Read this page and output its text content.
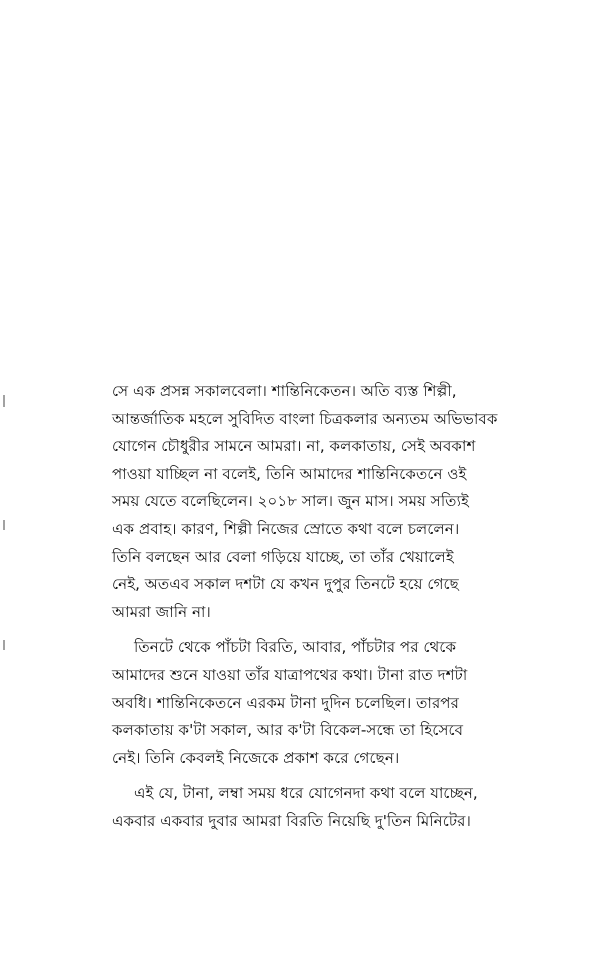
সে এক প্রসন্ন সকালবেলা। শান্তিনিকেতন। অতি ব্যস্ত শিল্পী,
আন্তর্জাতিক মহলে সুবিদিত বাংলা চিত্রকলার অন্যতম অভিভাবক
যোগেন চৌধুরীর সামনে আমরা। না, কলকাতায়, সেই অবকাশ
পাওয়া যাচ্ছিল না বলেই, তিনি আমাদের শান্তিনিকেতনে ওই
সময় যেতে বলেছিলেন। ২০১৮ সাল। জুন মাস। সময় সত্যিই
এক প্রবাহ। কারণ, শিল্পী নিজের স্রোতে কথা বলে চললেন।
তিনি বলছেন আর বেলা গড়িয়ে যাচ্ছে, তা তাঁর খেয়ালেই
নেই, অতএব সকাল দশটা যে কখন দুপুর তিনটে হয়ে গেছে
আমরা জানি না।
তিনটে থেকে পাঁচটা বিরতি, আবার, পাঁচটার পর থেকে
আমাদের শুনে যাওয়া তাঁর যাত্রাপথের কথা। টানা রাত দশটা
অবধি। শান্তিনিকেতনে এরকম টানা দুদিন চলেছিল। তারপর
কলকাতায় ক'টা সকাল, আর ক'টা বিকেল-সন্ধে তা হিসেবে
নেই। তিনি কেবলই নিজেকে প্রকাশ করে গেছেন।
এই যে, টানা, লম্বা সময় ধরে যোগেনদা কথা বলে যাচ্ছেন,
একবার একবার দুবার আমরা বিরতি নিয়েছি দু'তিন মিনিটের।
